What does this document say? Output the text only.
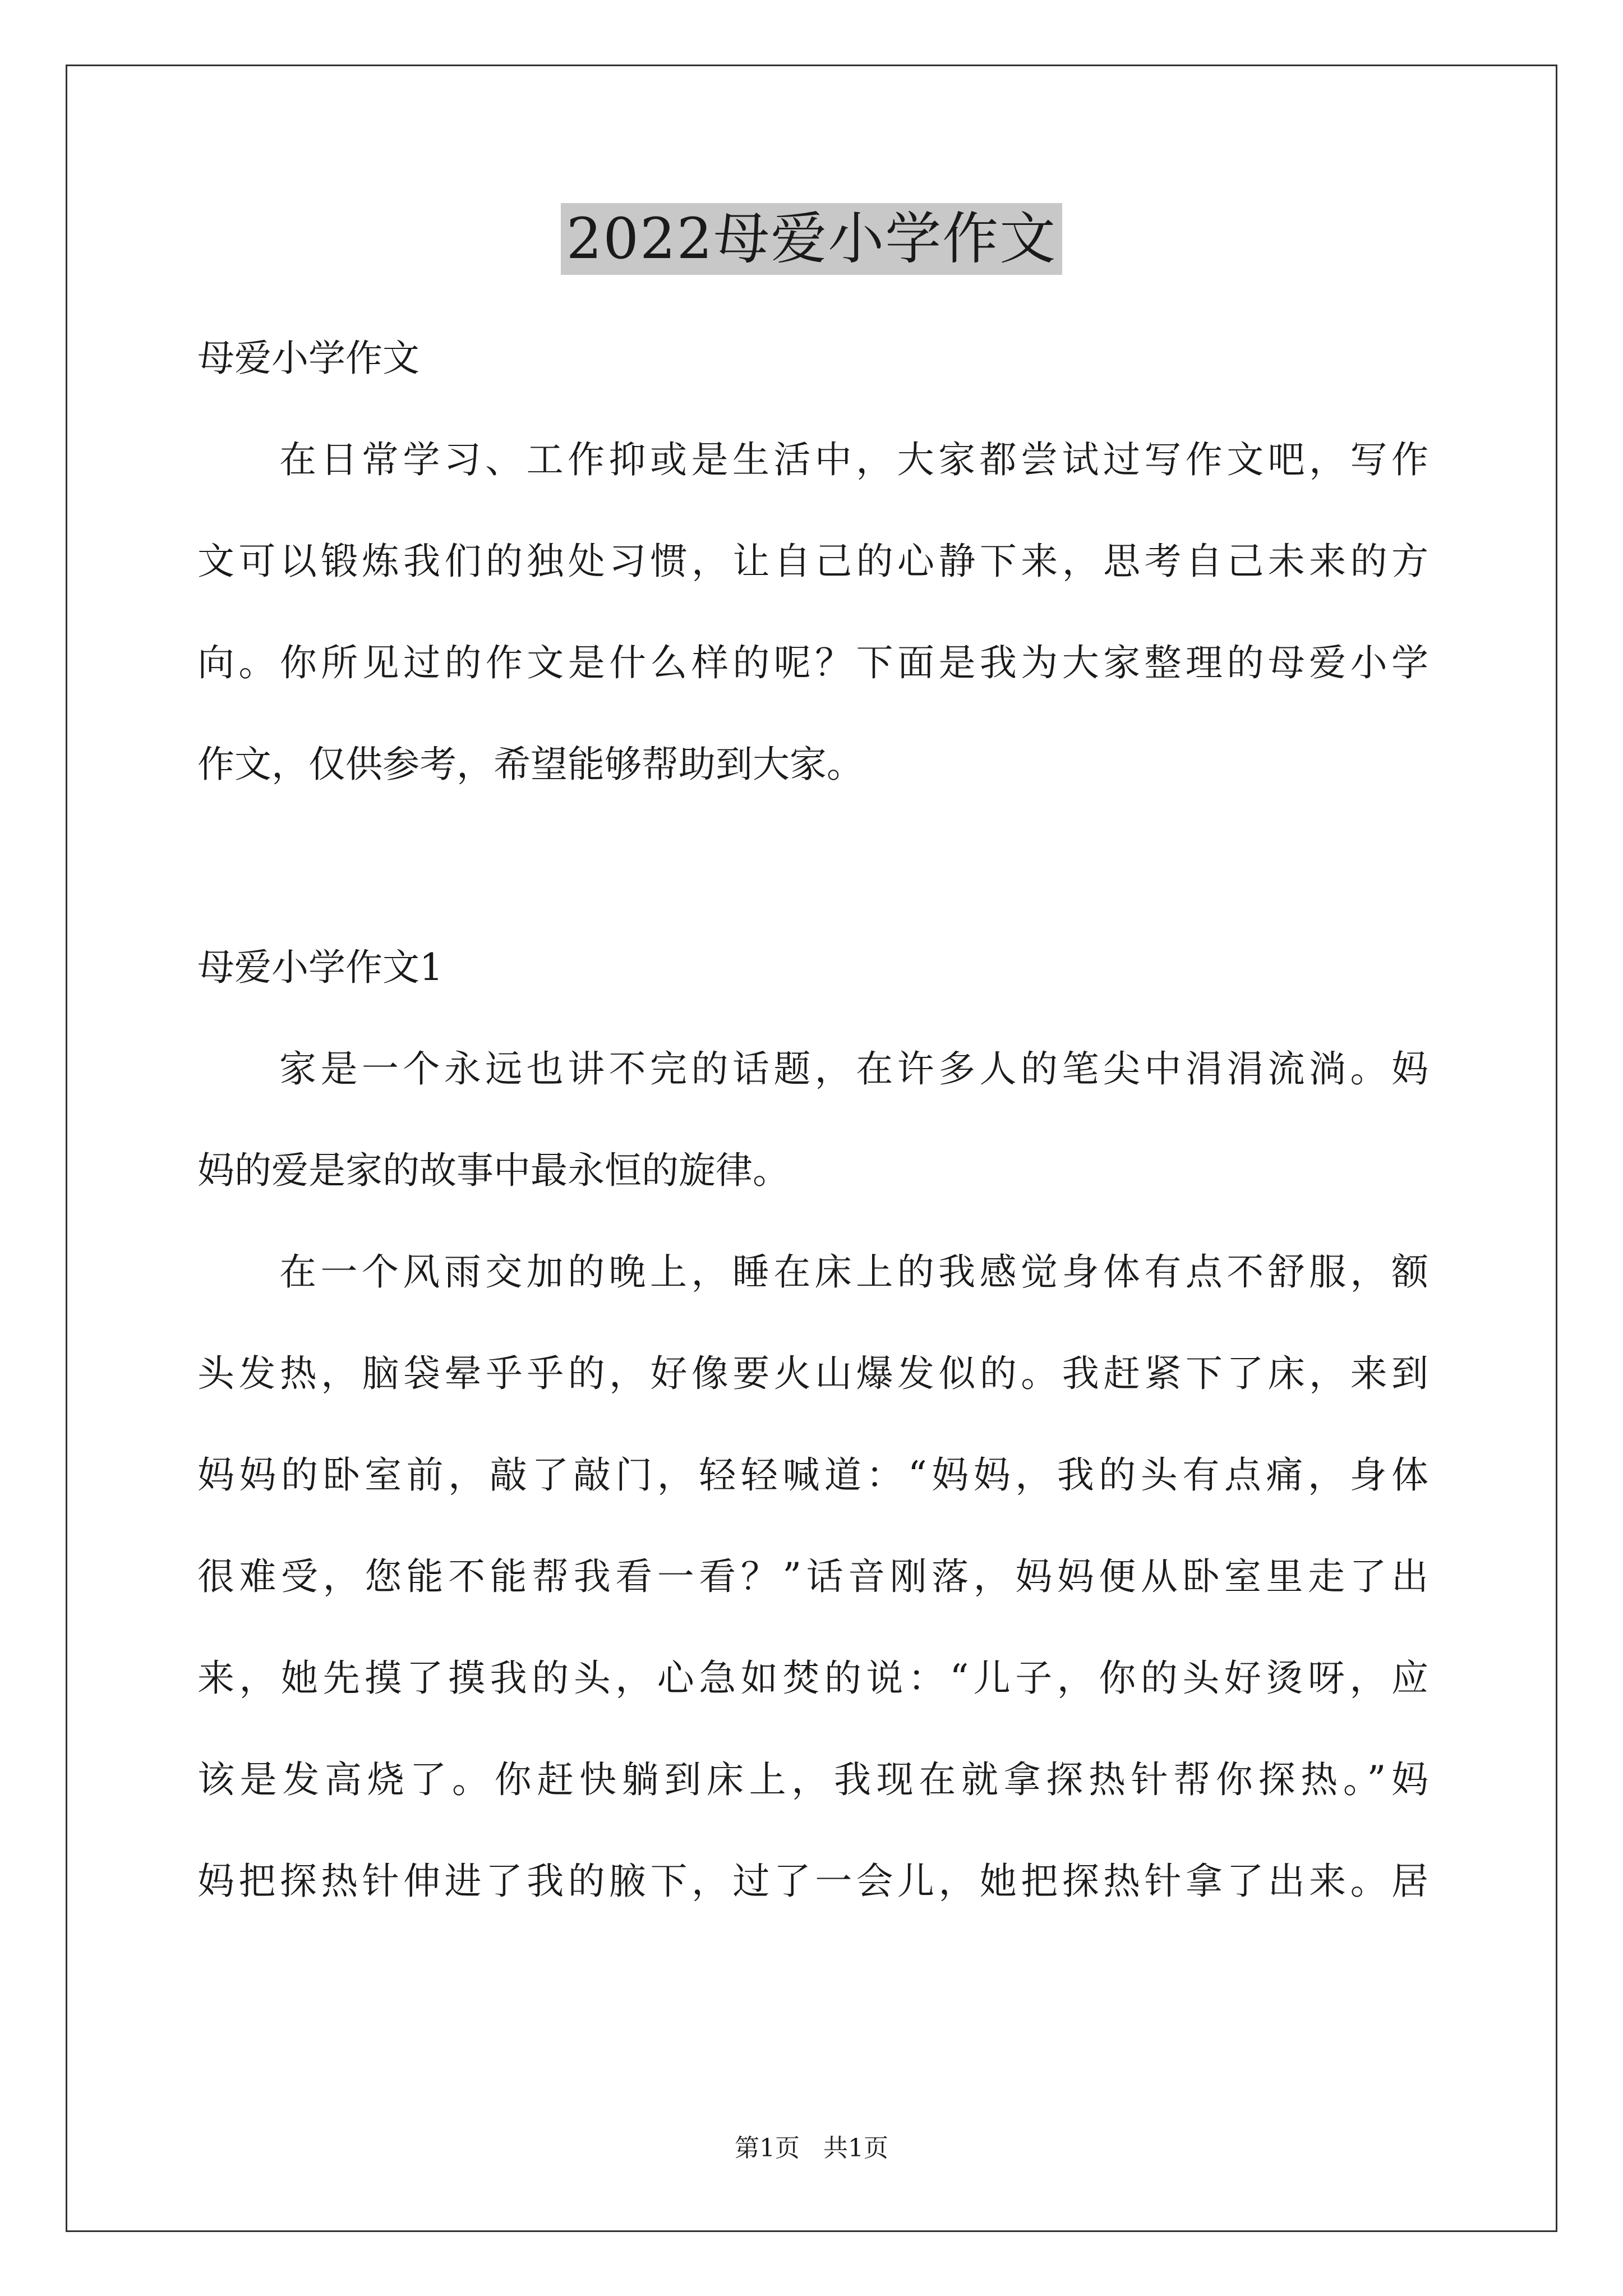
2022母爱小学作文
母爱小学作文
在日常学习、工作抑或是生活中，大家都尝试过写作文吧，写作
文可以锻炼我们的独处习惯，让自己的心静下来，思考自己未来的方
向。你所见过的作文是什么样的呢？下面是我为大家整理的母爱小学
作文，仅供参考，希望能够帮助到大家。
母爱小学作文1
家是一个永远也讲不完的话题，在许多人的笔尖中涓涓流淌。妈
妈的爱是家的故事中最永恒的旋律。
在一个风雨交加的晚上，睡在床上的我感觉身体有点不舒服，额
头发热，脑袋晕乎乎的，好像要火山爆发似的。我赶紧下了床，来到
妈妈的卧室前，敲了敲门，轻轻喊道：“妈妈，我的头有点痛，身体
很难受，您能不能帮我看一看？”话音刚落，妈妈便从卧室里走了出
来，她先摸了摸我的头，心急如焚的说：“儿子，你的头好烫呀，应
该是发高烧了。你赶快躺到床上，我现在就拿探热针帮你探热。”妈
妈把探热针伸进了我的腋下，过了一会儿，她把探热针拿了出来。居
第1页   共1页
